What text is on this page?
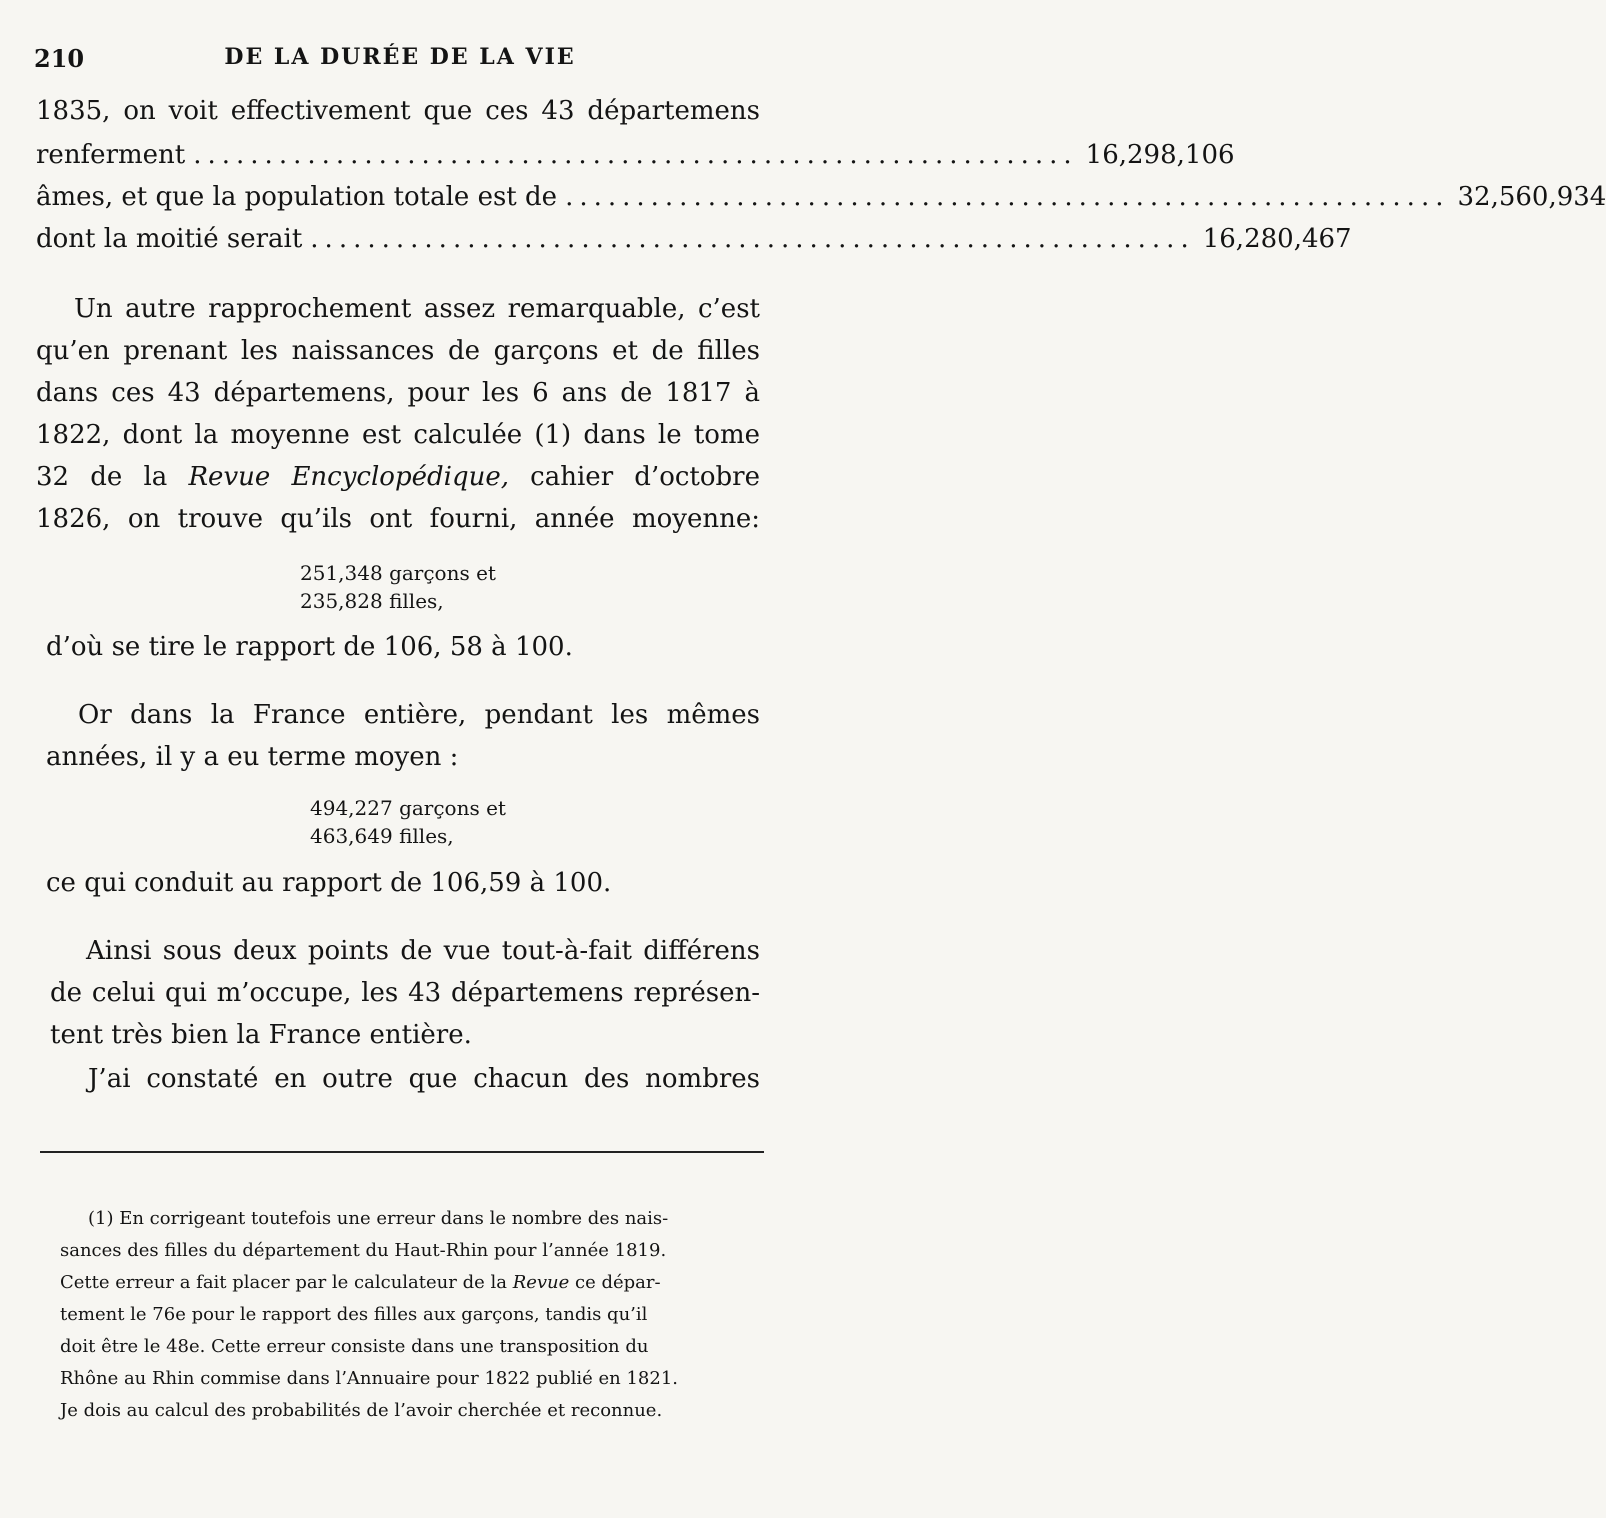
210	DE LA DURÉE DE LA VIE
1835, on voit effectivement que ces 43 départemens
renferment .............................................................. 16,298,106
âmes, et que la population totale est de .............................................................. 32,560,934
dont la moitié serait .............................................................. 16,280,467
Un autre rapprochement assez remarquable, c’est
qu’en prenant les naissances de garçons et de filles
dans ces 43 départemens, pour les 6 ans de 1817 à
1822, dont la moyenne est calculée (1) dans le tome
32 de la Revue Encyclopédique, cahier d’octobre
1826, on trouve qu’ils ont fourni, année moyenne:
251,348 garçons et
235,828 filles,
d’où se tire le rapport de 106, 58 à 100.
Or dans la France entière, pendant les mêmes
années, il y a eu terme moyen :
494,227 garçons et
463,649 filles,
ce qui conduit au rapport de 106,59 à 100.
Ainsi sous deux points de vue tout-à-fait différens
de celui qui m’occupe, les 43 départemens représen-
tent très bien la France entière.
J’ai constaté en outre que chacun des nombres
(1) En corrigeant toutefois une erreur dans le nombre des nais-
sances des filles du département du Haut-Rhin pour l’année 1819.
Cette erreur a fait placer par le calculateur de la Revue ce dépar-
tement le 76e pour le rapport des filles aux garçons, tandis qu’il
doit être le 48e. Cette erreur consiste dans une transposition du
Rhône au Rhin commise dans l’Annuaire pour 1822 publié en 1821.
Je dois au calcul des probabilités de l’avoir cherchée et reconnue.
